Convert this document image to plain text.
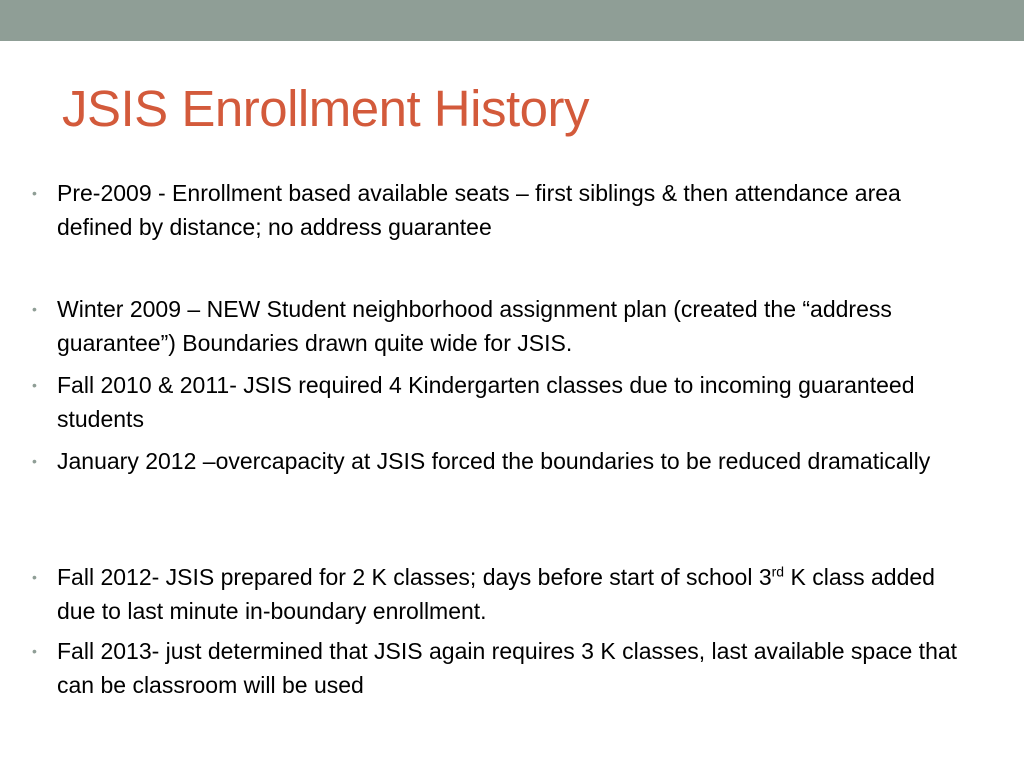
JSIS Enrollment History
• Pre-2009 - Enrollment based available seats – first siblings & then attendance area defined by distance; no address guarantee
• Winter 2009 – NEW Student neighborhood assignment plan (created the “address guarantee”) Boundaries drawn quite wide for JSIS.
• Fall 2010 & 2011- JSIS required 4 Kindergarten classes due to incoming guaranteed students
• January 2012 –overcapacity at JSIS forced the boundaries to be reduced dramatically
• Fall 2012- JSIS prepared for 2 K classes; days before start of school 3rd K class added due to last minute in-boundary enrollment.
• Fall 2013- just determined that JSIS again requires 3 K classes, last available space that can be classroom will be used
